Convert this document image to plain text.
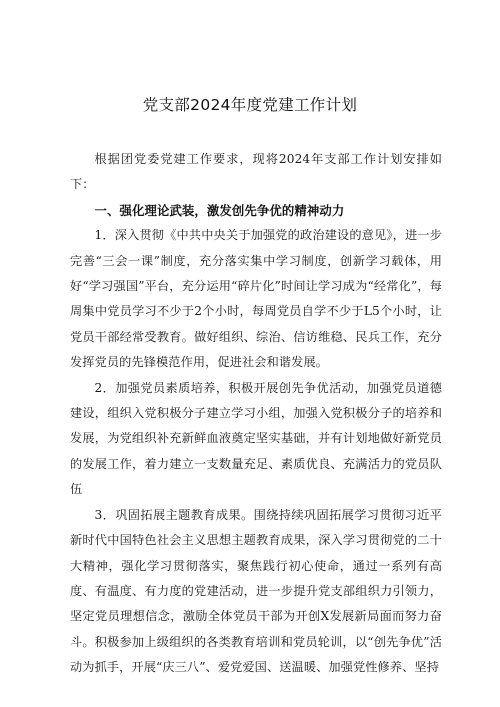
党支部2024年度党建工作计划

根据团党委党建工作要求，现将2024年支部工作计划安排如下：

一、强化理论武装，激发创先争优的精神动力

1．深入贯彻《中共中央关于加强党的政治建设的意见》，进一步完善“三会一课”制度，充分落实集中学习制度，创新学习载体，用好“学习强国”平台，充分运用“碎片化”时间让学习成为“经常化”，每周集中党员学习不少于2个小时，每周党员自学不少于L5个小时，让党员干部经常受教育。做好组织、综治、信访维稳、民兵工作，充分发挥党员的先锋模范作用，促进社会和谐发展。

2．加强党员素质培养，积极开展创先争优活动，加强党员道德建设，组织入党积极分子建立学习小组，加强入党积极分子的培养和发展，为党组织补充新鲜血液奠定坚实基础，并有计划地做好新党员的发展工作，着力建立一支数量充足、素质优良、充满活力的党员队伍

3．巩固拓展主题教育成果。围绕持续巩固拓展学习贯彻习近平新时代中国特色社会主义思想主题教育成果，深入学习贯彻党的二十大精神，强化学习贯彻落实，聚焦践行初心使命，通过一系列有高度、有温度、有力度的党建活动，进一步提升党支部组织力引领力，坚定党员理想信念，激励全体党员干部为开创X发展新局面而努力奋斗。积极参加上级组织的各类教育培训和党员轮训，以“创先争优”活动为抓手，开展“庆三八”、爱党爱国、送温暖、加强党性修养、坚持
